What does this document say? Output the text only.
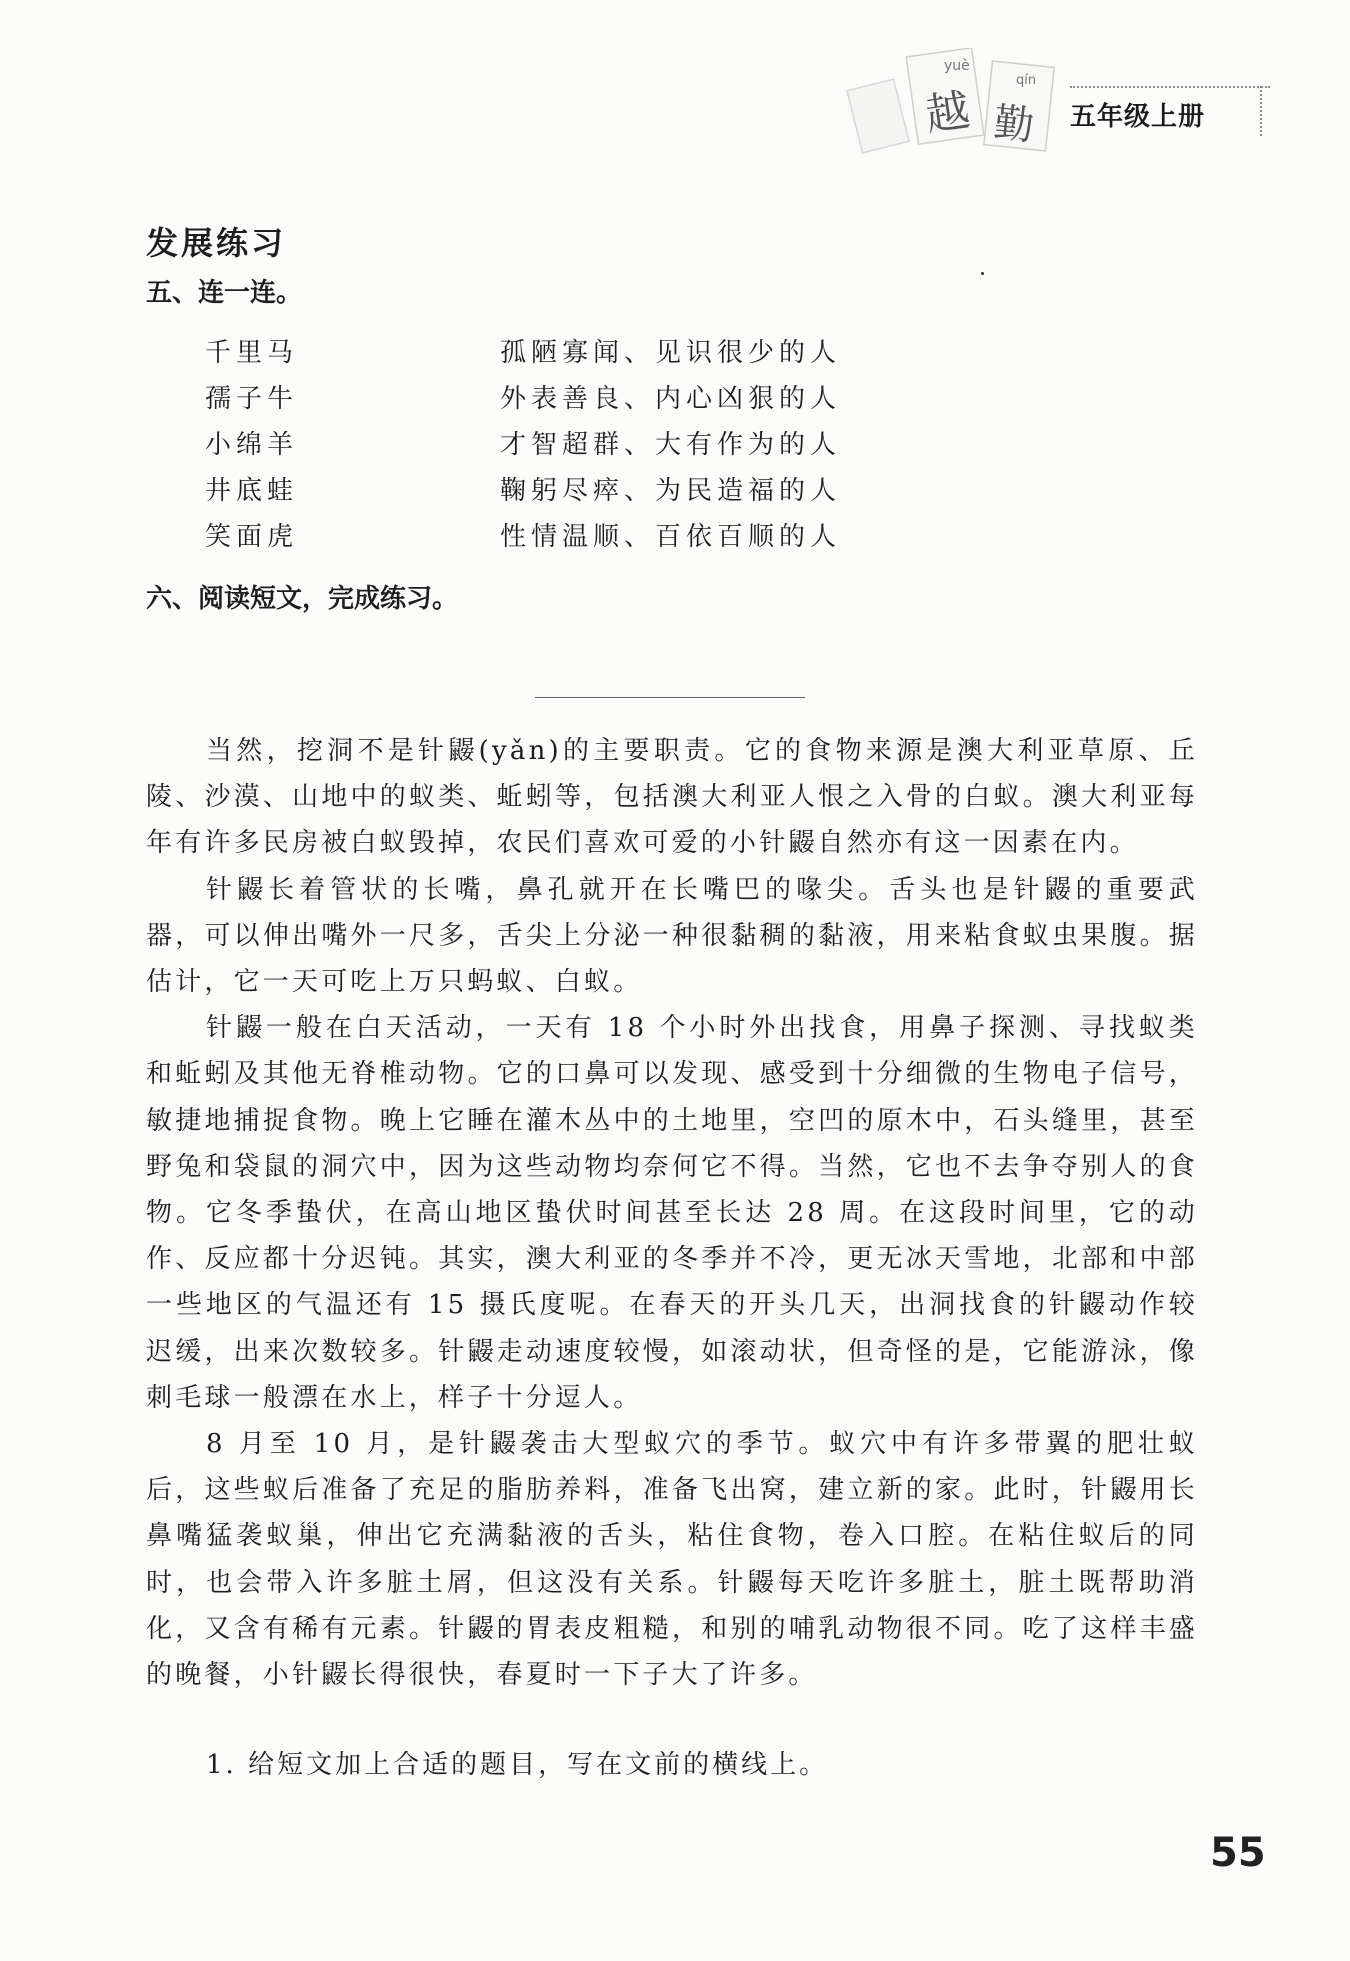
yuè
qín
越 勤 五年级上册
发展练习
五、连一连。
千里马
孺子牛
小绵羊
井底蛙
笑面虎
孤陋寡闻、见识很少的人
外表善良、内心凶狠的人
才智超群、大有作为的人
鞠躬尽瘁、为民造福的人
性情温顺、百依百顺的人
六、阅读短文，完成练习。

当然，挖洞不是针鼹(yǎn)的主要职责。它的食物来源是澳大利亚草原、丘陵、沙漠、山地中的蚁类、蚯蚓等，包括澳大利亚人恨之入骨的白蚁。澳大利亚每年有许多民房被白蚁毁掉，农民们喜欢可爱的小针鼹自然亦有这一因素在内。

针鼹长着管状的长嘴，鼻孔就开在长嘴巴的喙尖。舌头也是针鼹的重要武器，可以伸出嘴外一尺多，舌尖上分泌一种很黏稠的黏液，用来粘食蚁虫果腹。据估计，它一天可吃上万只蚂蚁、白蚁。

针鼹一般在白天活动，一天有 18 个小时外出找食，用鼻子探测、寻找蚁类和蚯蚓及其他无脊椎动物。它的口鼻可以发现、感受到十分细微的生物电子信号，敏捷地捕捉食物。晚上它睡在灌木丛中的土地里，空凹的原木中，石头缝里，甚至野兔和袋鼠的洞穴中，因为这些动物均奈何它不得。当然，它也不去争夺别人的食物。它冬季蛰伏，在高山地区蛰伏时间甚至长达 28 周。在这段时间里，它的动作、反应都十分迟钝。其实，澳大利亚的冬季并不冷，更无冰天雪地，北部和中部一些地区的气温还有 15 摄氏度呢。在春天的开头几天，出洞找食的针鼹动作较迟缓，出来次数较多。针鼹走动速度较慢，如滚动状，但奇怪的是，它能游泳，像刺毛球一般漂在水上，样子十分逗人。

8 月至 10 月，是针鼹袭击大型蚁穴的季节。蚁穴中有许多带翼的肥壮蚁后，这些蚁后准备了充足的脂肪养料，准备飞出窝，建立新的家。此时，针鼹用长鼻嘴猛袭蚁巢，伸出它充满黏液的舌头，粘住食物，卷入口腔。在粘住蚁后的同时，也会带入许多脏土屑，但这没有关系。针鼹每天吃许多脏土，脏土既帮助消化，又含有稀有元素。针鼹的胃表皮粗糙，和别的哺乳动物很不同。吃了这样丰盛的晚餐，小针鼹长得很快，春夏时一下子大了许多。

1. 给短文加上合适的题目，写在文前的横线上。
55
